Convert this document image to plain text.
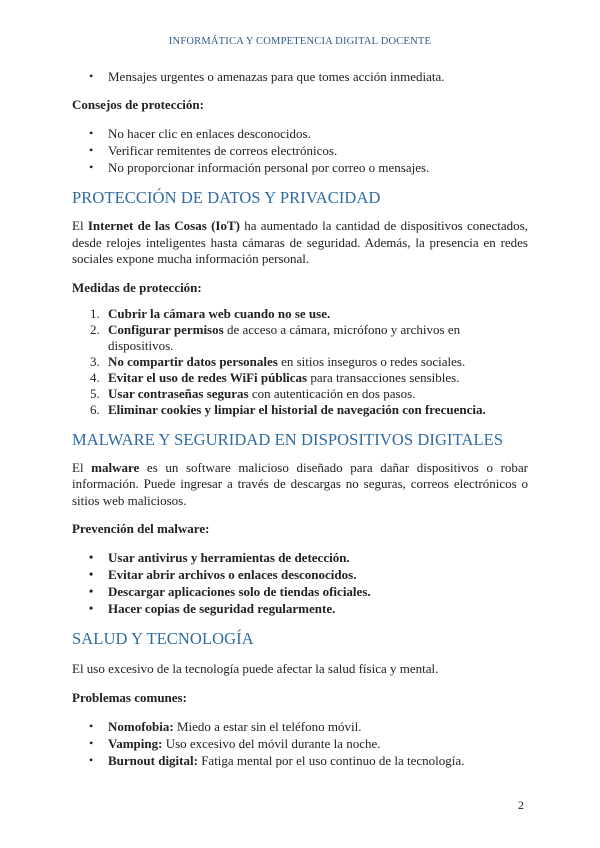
INFORMÁTICA Y COMPETENCIA DIGITAL DOCENTE
• Mensajes urgentes o amenazas para que tomes acción inmediata.

Consejos de protección:

• No hacer clic en enlaces desconocidos.
• Verificar remitentes de correos electrónicos.
• No proporcionar información personal por correo o mensajes.
PROTECCIÓN DE DATOS Y PRIVACIDAD

El Internet de las Cosas (IoT) ha aumentado la cantidad de dispositivos conectados, desde relojes inteligentes hasta cámaras de seguridad. Además, la presencia en redes sociales expone mucha información personal.

Medidas de protección:

1. Cubrir la cámara web cuando no se use.
2. Configurar permisos de acceso a cámara, micrófono y archivos en dispositivos.
3. No compartir datos personales en sitios inseguros o redes sociales.
4. Evitar el uso de redes WiFi públicas para transacciones sensibles.
5. Usar contraseñas seguras con autenticación en dos pasos.
6. Eliminar cookies y limpiar el historial de navegación con frecuencia.
MALWARE Y SEGURIDAD EN DISPOSITIVOS DIGITALES

El malware es un software malicioso diseñado para dañar dispositivos o robar información. Puede ingresar a través de descargas no seguras, correos electrónicos o sitios web maliciosos.

Prevención del malware:

• Usar antivirus y herramientas de detección.
• Evitar abrir archivos o enlaces desconocidos.
• Descargar aplicaciones solo de tiendas oficiales.
• Hacer copias de seguridad regularmente.
SALUD Y TECNOLOGÍA

El uso excesivo de la tecnología puede afectar la salud física y mental.

Problemas comunes:

• Nomofobia: Miedo a estar sin el teléfono móvil.
• Vamping: Uso excesivo del móvil durante la noche.
• Burnout digital: Fatiga mental por el uso continuo de la tecnología.
2
